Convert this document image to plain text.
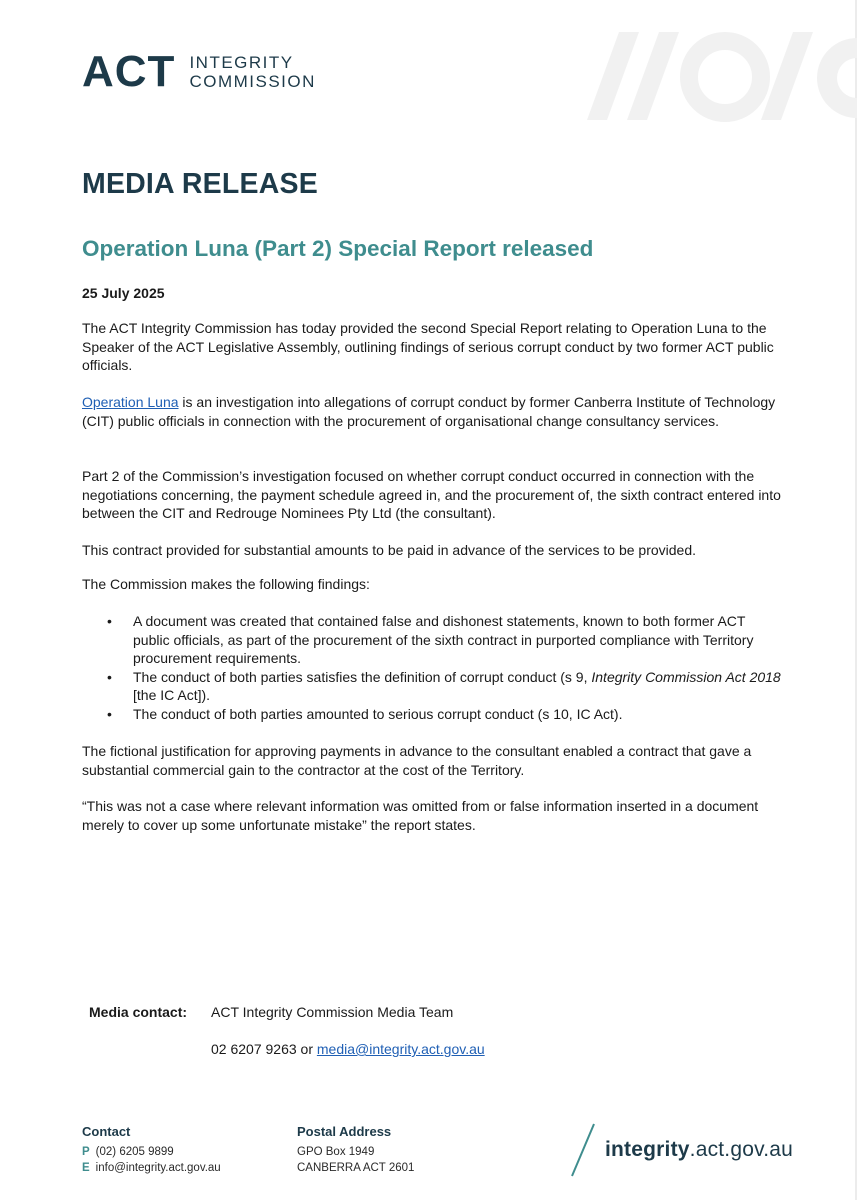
ACT INTEGRITY
COMMISSION
MEDIA RELEASE
Operation Luna (Part 2) Special Report released
25 July 2025
The ACT Integrity Commission has today provided the second Special Report relating to Operation Luna to the Speaker of the ACT Legislative Assembly, outlining findings of serious corrupt conduct by two former ACT public officials.
Operation Luna is an investigation into allegations of corrupt conduct by former Canberra Institute of Technology (CIT) public officials in connection with the procurement of organisational change consultancy services.
Part 2 of the Commission’s investigation focused on whether corrupt conduct occurred in connection with the negotiations concerning, the payment schedule agreed in, and the procurement of, the sixth contract entered into between the CIT and Redrouge Nominees Pty Ltd (the consultant).
This contract provided for substantial amounts to be paid in advance of the services to be provided.
The Commission makes the following findings:
• A document was created that contained false and dishonest statements, known to both former ACT public officials, as part of the procurement of the sixth contract in purported compliance with Territory procurement requirements.
• The conduct of both parties satisfies the definition of corrupt conduct (s 9, Integrity Commission Act 2018 [the IC Act]).
• The conduct of both parties amounted to serious corrupt conduct (s 10, IC Act).
The fictional justification for approving payments in advance to the consultant enabled a contract that gave a substantial commercial gain to the contractor at the cost of the Territory.
“This was not a case where relevant information was omitted from or false information inserted in a document merely to cover up some unfortunate mistake” the report states.
Media contact: ACT Integrity Commission Media Team
02 6207 9263 or media@integrity.act.gov.au
Contact
P (02) 6205 9899
E info@integrity.act.gov.au
Postal Address
GPO Box 1949
CANBERRA ACT 2601
integrity.act.gov.au
